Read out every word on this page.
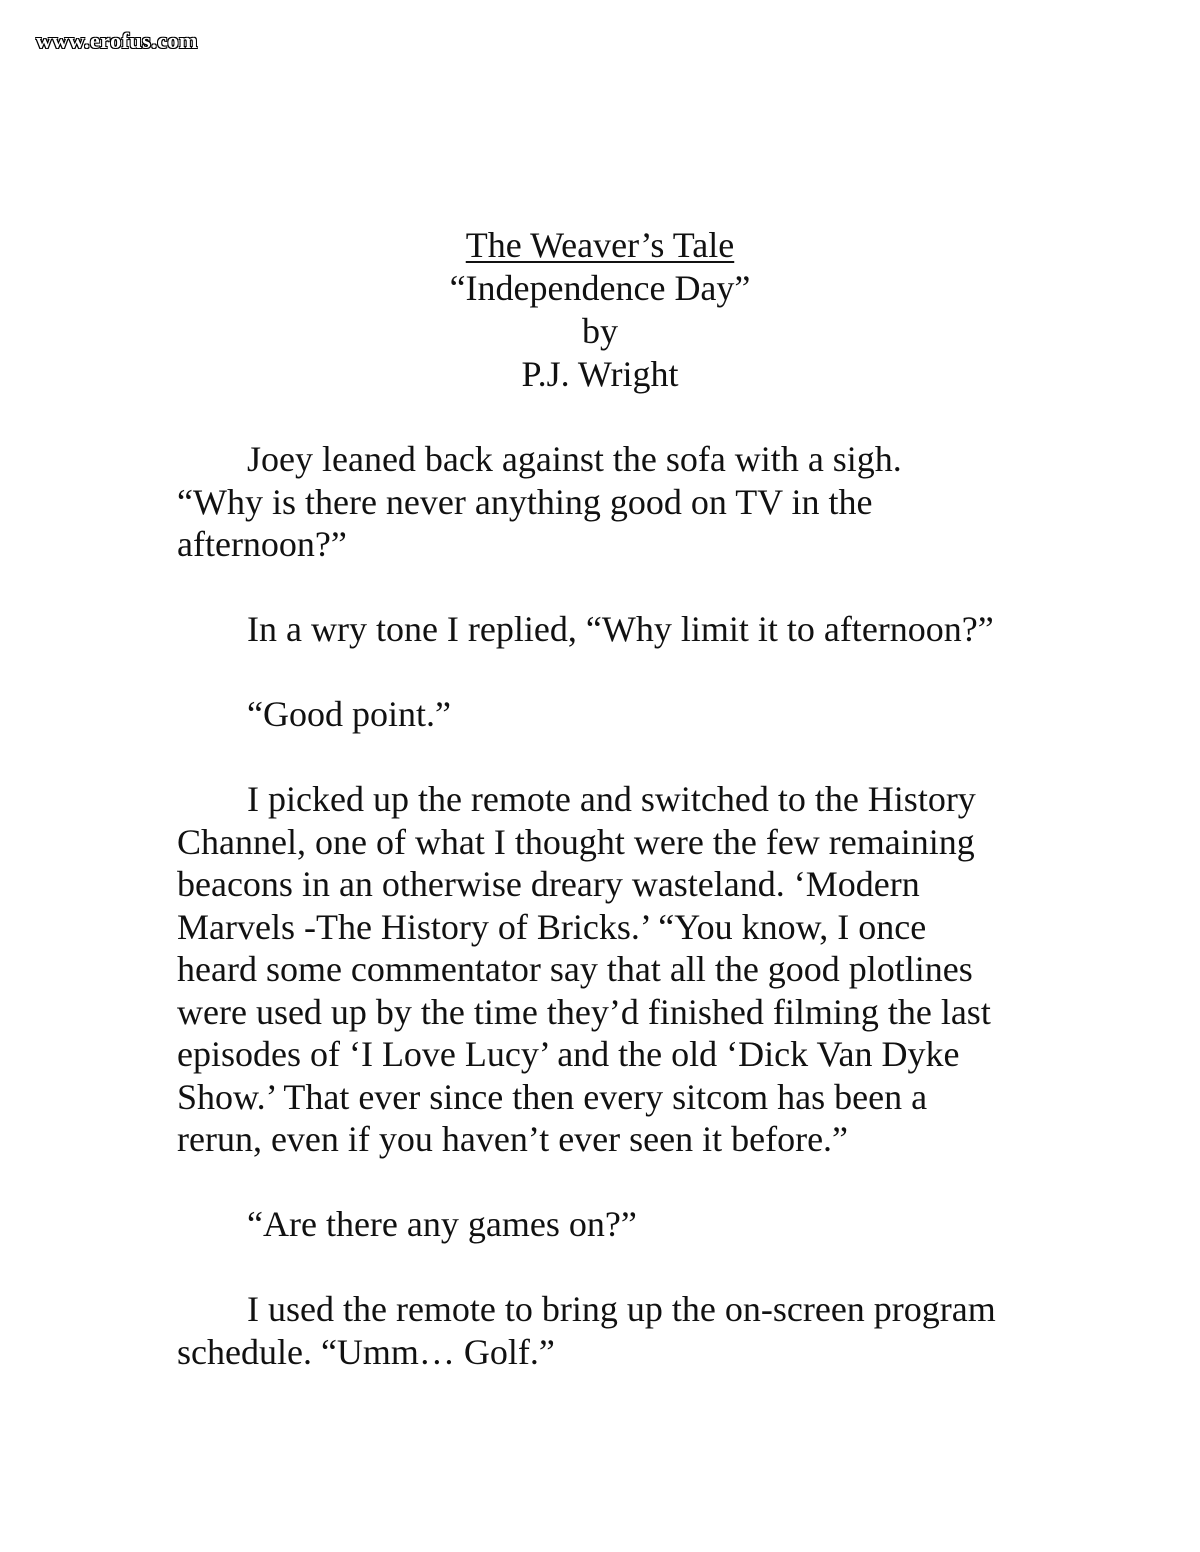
www.erofus.com
The Weaver’s Tale
“Independence Day”
by
P.J. Wright

Joey leaned back against the sofa with a sigh.
“Why is there never anything good on TV in the
afternoon?”

In a wry tone I replied, “Why limit it to afternoon?”

“Good point.”

I picked up the remote and switched to the History
Channel, one of what I thought were the few remaining
beacons in an otherwise dreary wasteland. ‘Modern
Marvels -The History of Bricks.’ “You know, I once
heard some commentator say that all the good plotlines
were used up by the time they’d finished filming the last
episodes of ‘I Love Lucy’ and the old ‘Dick Van Dyke
Show.’ That ever since then every sitcom has been a
rerun, even if you haven’t ever seen it before.”

“Are there any games on?”

I used the remote to bring up the on-screen program
schedule. “Umm… Golf.”
